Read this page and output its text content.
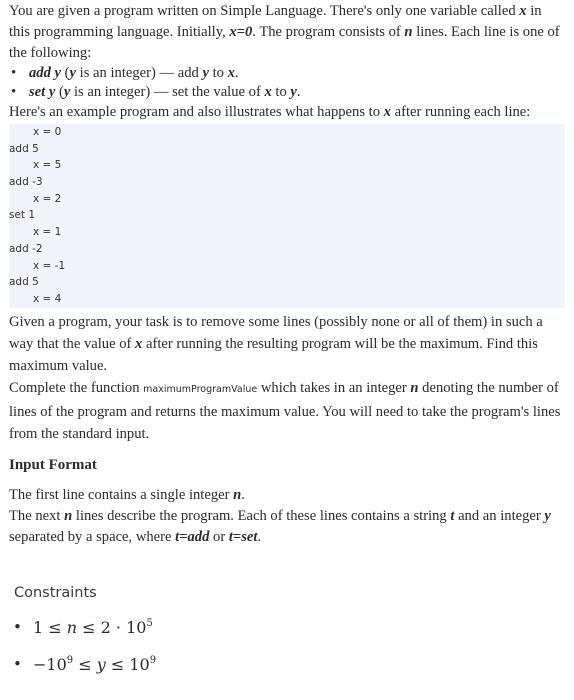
You are given a program written on Simple Language. There's only one variable called x in this programming language. Initially, x=0. The program consists of n lines. Each line is one of the following:

• add y (y is an integer) — add y to x.
• set y (y is an integer) — set the value of x to y.

Here's an example program and also illustrates what happens to x after running each line:

x = 0
add 5
x = 5
add -3
x = 2
set 1
x = 1
add -2
x = -1
add 5
x = 4

Given a program, your task is to remove some lines (possibly none or all of them) in such a way that the value of x after running the resulting program will be the maximum. Find this maximum value.

Complete the function maximumProgramValue which takes in an integer n denoting the number of lines of the program and returns the maximum value. You will need to take the program's lines from the standard input.

Input Format

The first line contains a single integer n.

The next n lines describe the program. Each of these lines contains a string t and an integer y separated by a space, where t=add or t=set.

Constraints

• $1 \le n \le 2 \cdot 10^5$
• $-10^9 \le y \le 10^9$
